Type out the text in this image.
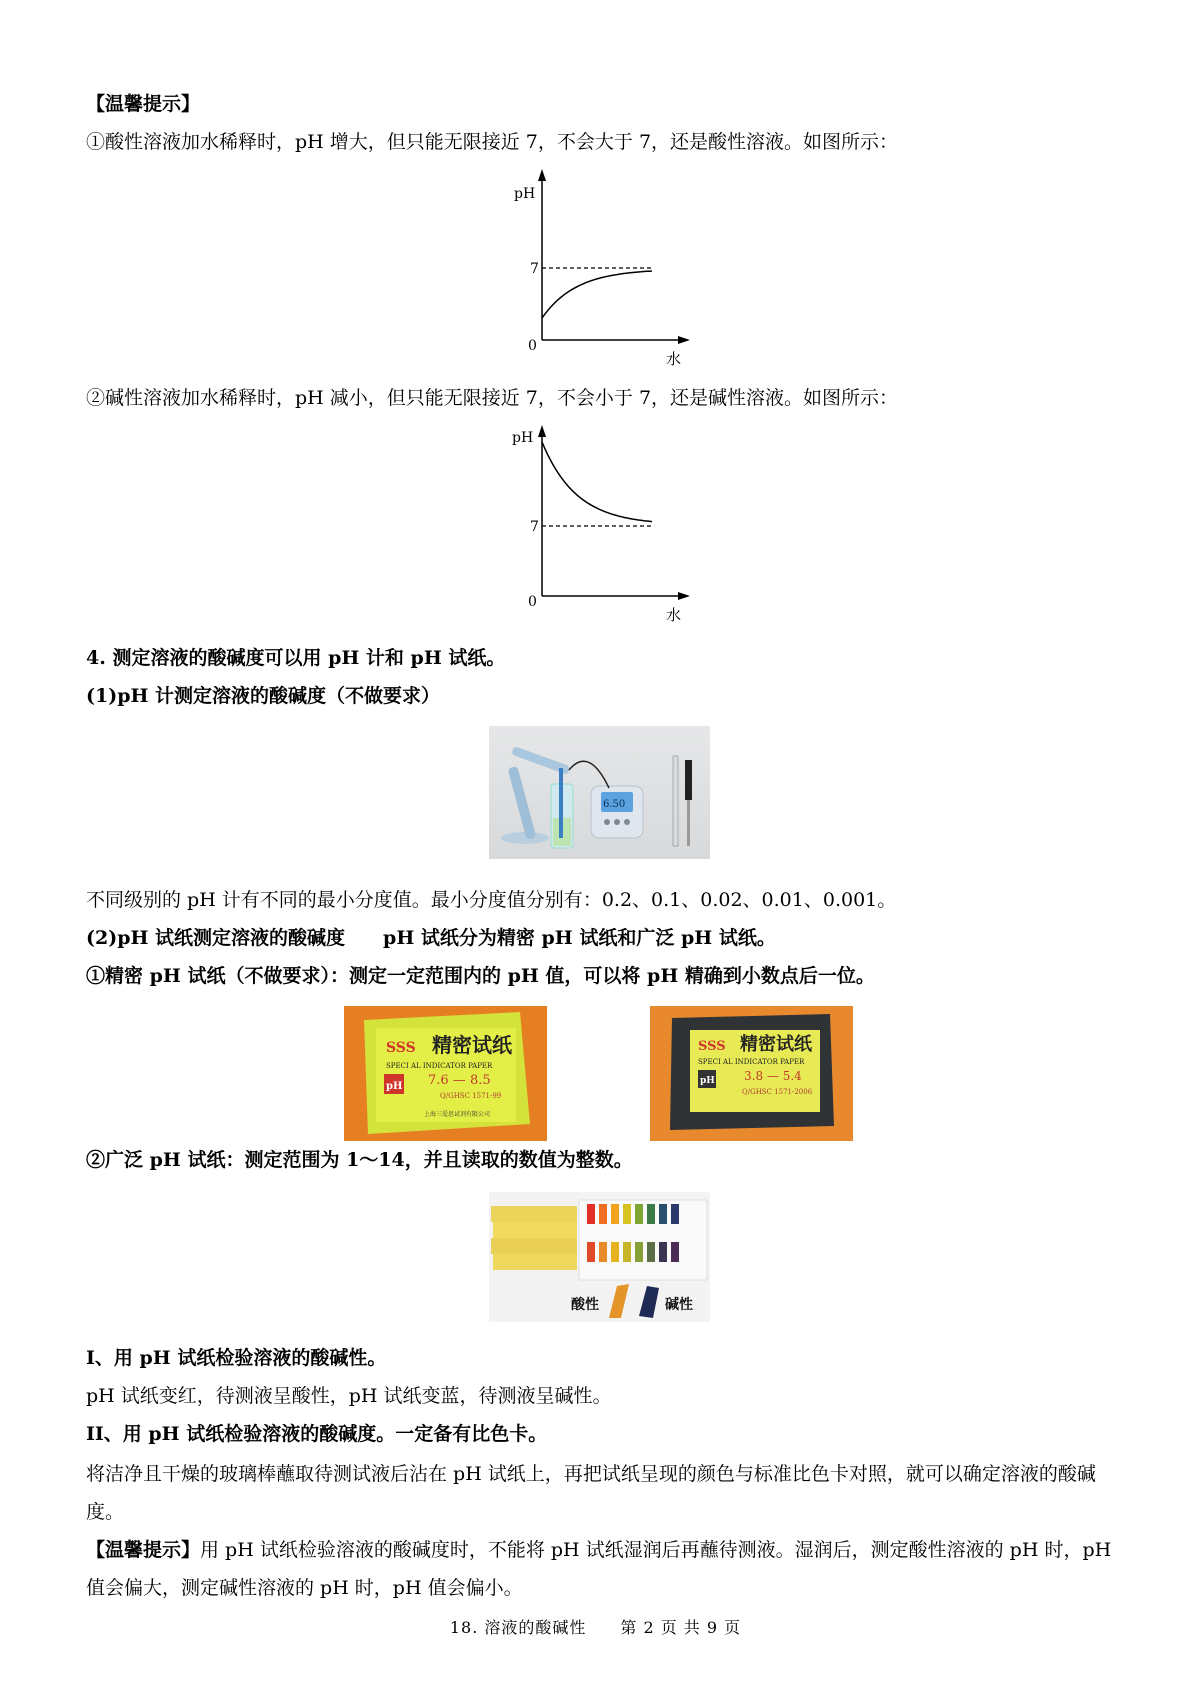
【温馨提示】
①酸性溶液加水稀释时，pH 增大，但只能无限接近 7，不会大于 7，还是酸性溶液。如图所示：
pH
7
0
水
②碱性溶液加水稀释时，pH 减小，但只能无限接近 7，不会小于 7，还是碱性溶液。如图所示：
pH
7
0
水
4. 测定溶液的酸碱度可以用 pH 计和 pH 试纸。
(1)pH 计测定溶液的酸碱度（不做要求）
6.50
不同级别的 pH 计有不同的最小分度值。最小分度值分别有：0.2、0.1、0.02、0.01、0.001。
(2)pH 试纸测定溶液的酸碱度　　pH 试纸分为精密 pH 试纸和广泛 pH 试纸。
①精密 pH 试纸（不做要求）：测定一定范围内的 pH 值，可以将 pH 精确到小数点后一位。
SSS 精密试纸
SPECI AL INDICATOR PAPER
pH 7.6 — 8.5
Q/GHSC 1571-99
上海三爱思试剂有限公司
SSS 精密试纸
SPECI AL INDICATOR PAPER
pH 3.8 — 5.4
Q/GHSC 1571-2006
②广泛 pH 试纸：测定范围为 1～14，并且读取的数值为整数。
酸性	碱性
I、用 pH 试纸检验溶液的酸碱性。
pH 试纸变红，待测液呈酸性，pH 试纸变蓝，待测液呈碱性。
II、用 pH 试纸检验溶液的酸碱度。一定备有比色卡。
将洁净且干燥的玻璃棒蘸取待测试液后沾在 pH 试纸上，再把试纸呈现的颜色与标准比色卡对照，就可以确定溶液的酸碱度。
【温馨提示】用 pH 试纸检验溶液的酸碱度时，不能将 pH 试纸湿润后再蘸待测液。湿润后，测定酸性溶液的 pH 时，pH 值会偏大，测定碱性溶液的 pH 时，pH 值会偏小。
18. 溶液的酸碱性　　第 2 页 共 9 页
